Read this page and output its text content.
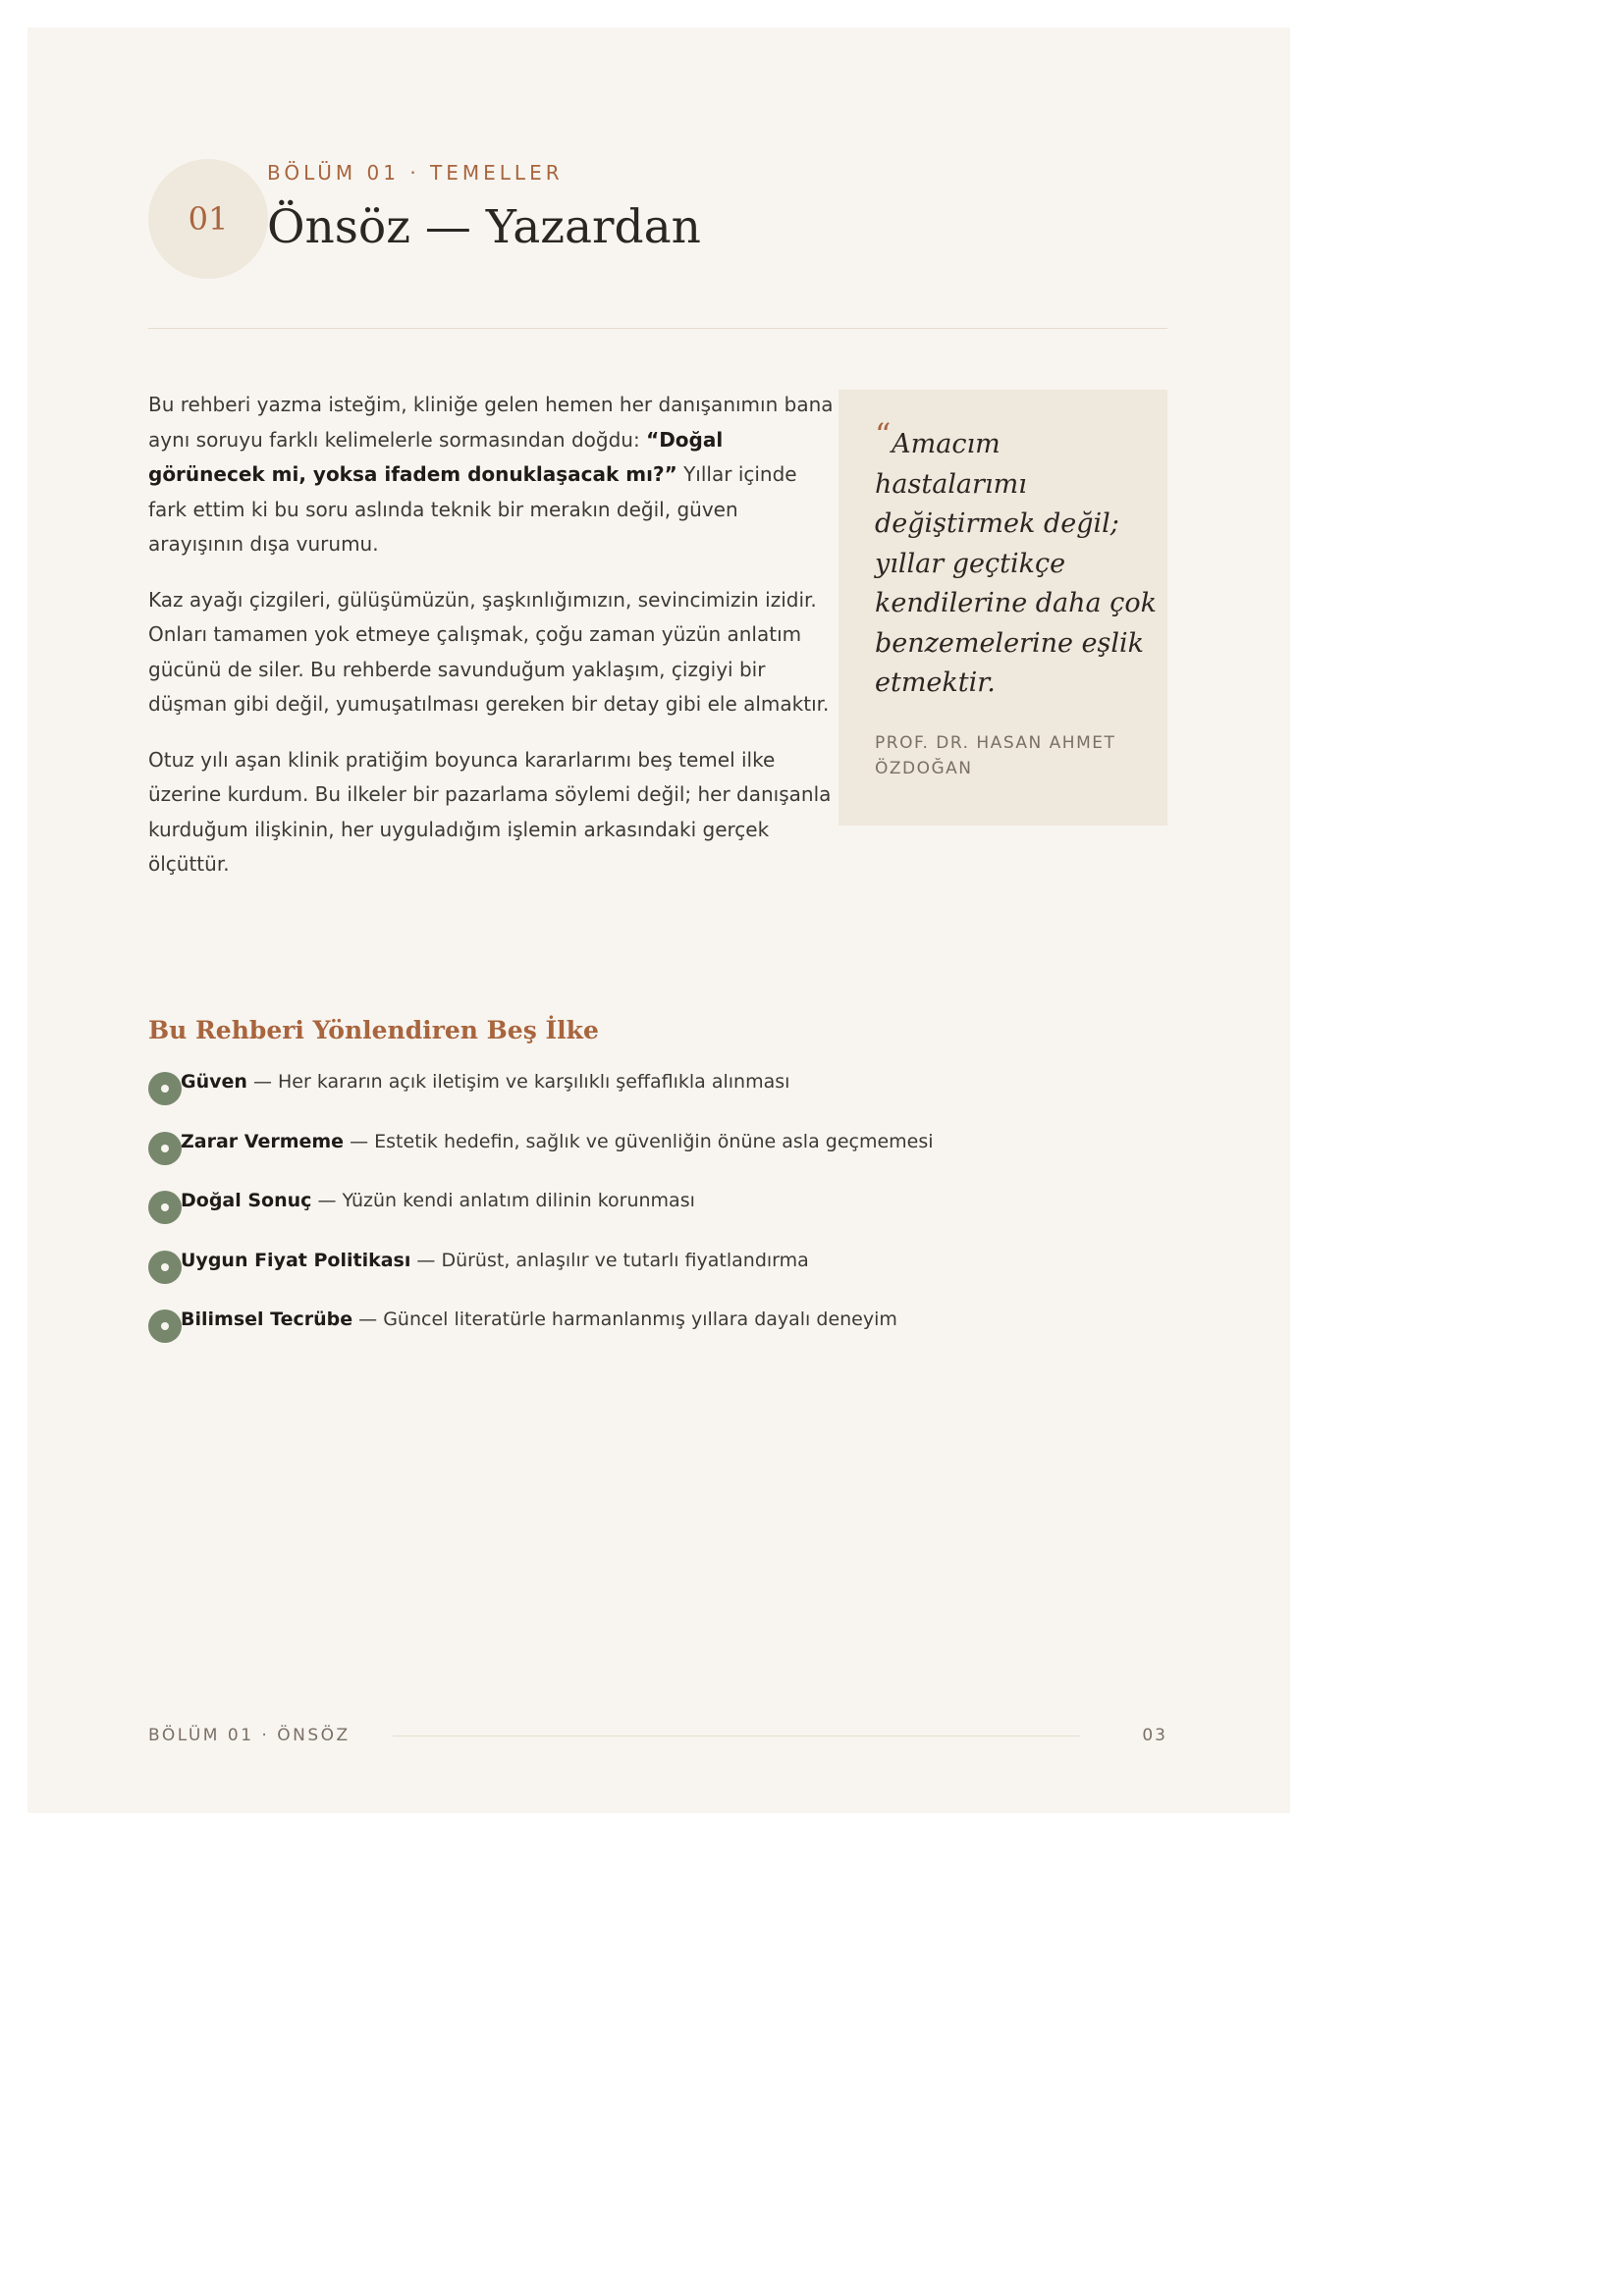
01
BÖLÜM 01 · TEMELLER
Önsöz — Yazardan

Bu rehberi yazma isteğim, kliniğe gelen hemen her danışanımın bana aynı soruyu farklı kelimelerle sormasından doğdu: “Doğal görünecek mi, yoksa ifadem donuklaşacak mı?” Yıllar içinde fark ettim ki bu soru aslında teknik bir merakın değil, güven arayışının dışa vurumu.

Kaz ayağı çizgileri, gülüşümüzün, şaşkınlığımızın, sevincimizin izidir. Onları tamamen yok etmeye çalışmak, çoğu zaman yüzün anlatım gücünü de siler. Bu rehberde savunduğum yaklaşım, çizgiyi bir düşman gibi değil, yumuşatılması gereken bir detay gibi ele almaktır.

Otuz yılı aşan klinik pratiğim boyunca kararlarımı beş temel ilke üzerine kurdum. Bu ilkeler bir pazarlama söylemi değil; her danışanla kurduğum ilişkinin, her uyguladığım işlemin arkasındaki gerçek ölçüttür.

“ Amacım hastalarımı değiştirmek değil; yıllar geçtikçe kendilerine daha çok benzemelerine eşlik etmektir.
PROF. DR. HASAN AHMET ÖZDOĞAN
Bu Rehberi Yönlendiren Beş İlke
Güven — Her kararın açık iletişim ve karşılıklı şeffaflıkla alınması
Zarar Vermeme — Estetik hedefin, sağlık ve güvenliğin önüne asla geçmemesi
Doğal Sonuç — Yüzün kendi anlatım dilinin korunması
Uygun Fiyat Politikası — Dürüst, anlaşılır ve tutarlı fiyatlandırma
Bilimsel Tecrübe — Güncel literatürle harmanlanmış yıllara dayalı deneyim
BÖLÜM 01 · ÖNSÖZ	03
